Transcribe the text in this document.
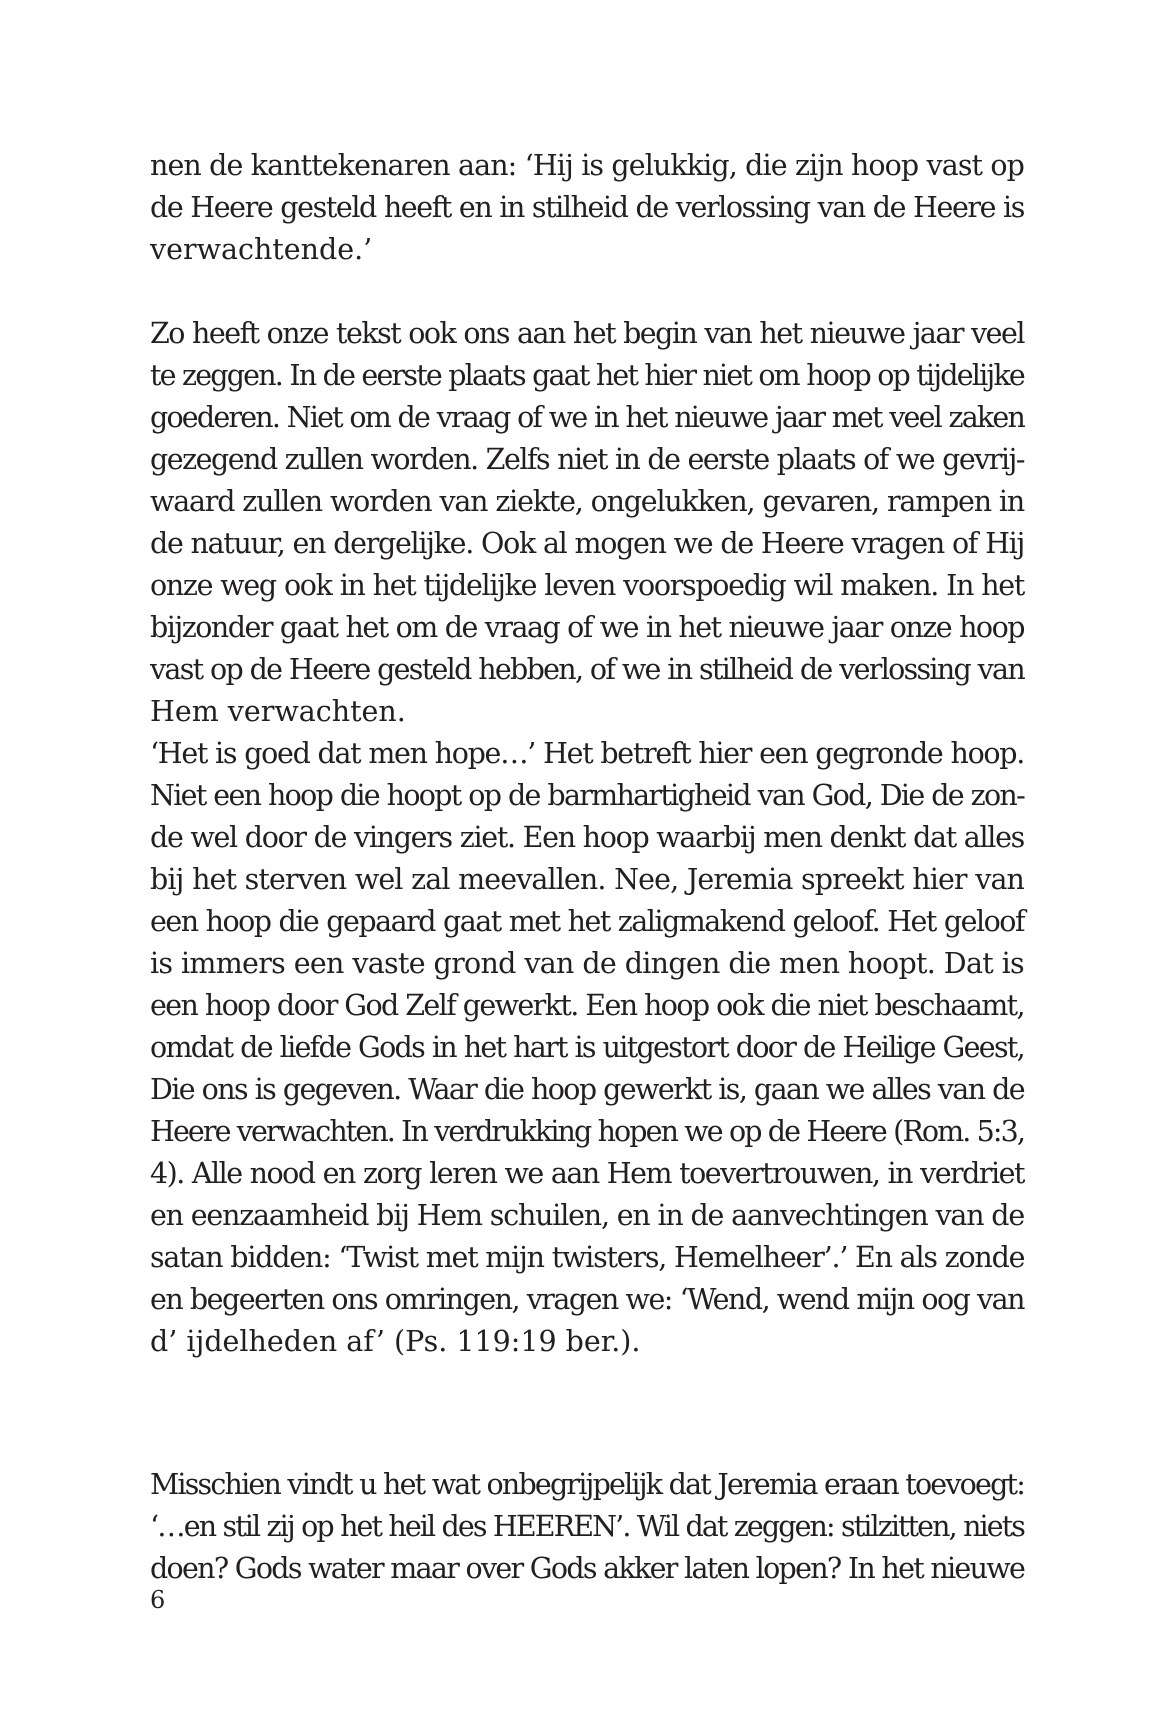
nen de kanttekenaren aan: ‘Hij is gelukkig, die zijn hoop vast op
de Heere gesteld heeft en in stilheid de verlossing van de Heere is
verwachtende.’
Zo heeft onze tekst ook ons aan het begin van het nieuwe jaar veel
te zeggen. In de eerste plaats gaat het hier niet om hoop op tijdelijke
goederen. Niet om de vraag of we in het nieuwe jaar met veel zaken
gezegend zullen worden. Zelfs niet in de eerste plaats of we gevrij-
waard zullen worden van ziekte, ongelukken, gevaren, rampen in
de natuur, en dergelijke. Ook al mogen we de Heere vragen of Hij
onze weg ook in het tijdelijke leven voorspoedig wil maken. In het
bijzonder gaat het om de vraag of we in het nieuwe jaar onze hoop
vast op de Heere gesteld hebben, of we in stilheid de verlossing van
Hem verwachten.
‘Het is goed dat men hope…’ Het betreft hier een gegronde hoop.
Niet een hoop die hoopt op de barmhartigheid van God, Die de zon-
de wel door de vingers ziet. Een hoop waarbij men denkt dat alles
bij het sterven wel zal meevallen. Nee, Jeremia spreekt hier van
een hoop die gepaard gaat met het zaligmakend geloof. Het geloof
is immers een vaste grond van de dingen die men hoopt. Dat is
een hoop door God Zelf gewerkt. Een hoop ook die niet beschaamt,
omdat de liefde Gods in het hart is uitgestort door de Heilige Geest,
Die ons is gegeven. Waar die hoop gewerkt is, gaan we alles van de
Heere verwachten. In verdrukking hopen we op de Heere (Rom. 5:3,
4). Alle nood en zorg leren we aan Hem toevertrouwen, in verdriet
en eenzaamheid bij Hem schuilen, en in de aanvechtingen van de
satan bidden: ‘Twist met mijn twisters, Hemelheer’.’ En als zonde
en begeerten ons omringen, vragen we: ‘Wend, wend mijn oog van
d’ ijdelheden af’ (Ps. 119:19 ber.).
Misschien vindt u het wat onbegrijpelijk dat Jeremia eraan toevoegt:
‘…en stil zij op het heil des HEEREN’. Wil dat zeggen: stilzitten, niets
doen? Gods water maar over Gods akker laten lopen? In het nieuwe
6
